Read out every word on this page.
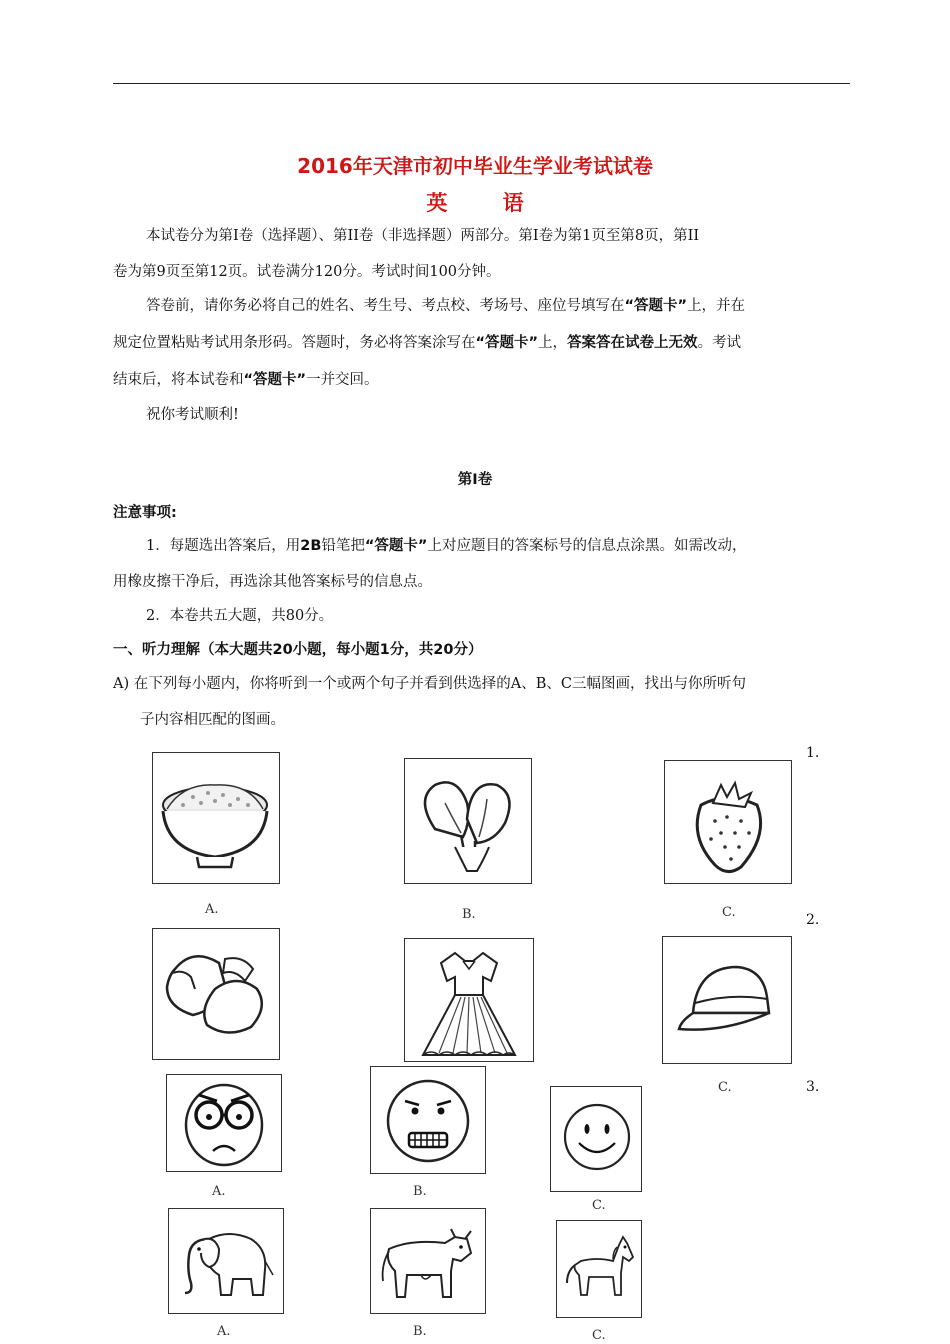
2016年天津市初中毕业生学业考试试卷
英 语
本试卷分为第Ⅰ卷（选择题）、第II卷（非选择题）两部分。第Ⅰ卷为第1页至第8页，第II
卷为第9页至第12页。试卷满分120分。考试时间100分钟。
答卷前，请你务必将自己的姓名、考生号、考点校、考场号、座位号填写在“答题卡”上，并在
规定位置粘贴考试用条形码。答题时，务必将答案涂写在“答题卡”上，答案答在试卷上无效。考试
结束后，将本试卷和“答题卡”一并交回。
祝你考试顺利!
第Ⅰ卷
注意事项:
1．每题选出答案后，用2B铅笔把“答题卡”上对应题目的答案标号的信息点涂黑。如需改动，
用橡皮擦干净后，再选涂其他答案标号的信息点。
2．本卷共五大题，共80分。
一、听力理解（本大题共20小题，每小题1分，共20分）
A) 在下列每小题内，你将听到一个或两个句子并看到供选择的A、B、C三幅图画，找出与你所听句
子内容相匹配的图画。
1.
2.
3.
A.	B.	C.
C.
A.	B.
C.
A.	B.	C.
